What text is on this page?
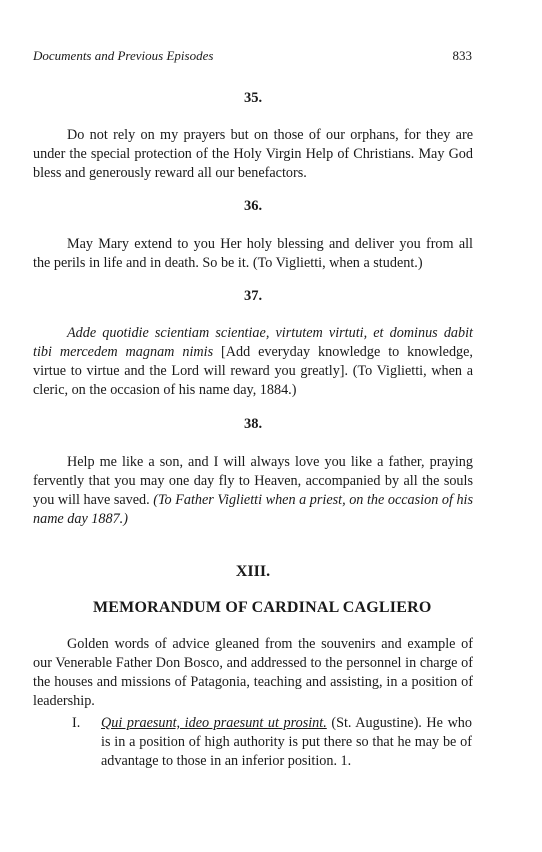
Documents and Previous Episodes	833
35.

Do not rely on my prayers but on those of our orphans, for they are under the special protection of the Holy Virgin Help of Christians. May God bless and generously reward all our benefactors.

36.

May Mary extend to you Her holy blessing and deliver you from all the perils in life and in death. So be it. (To Viglietti, when a student.)

37.

Adde quotidie scientiam scientiae, virtutem virtuti, et dominus dabit tibi mercedem magnam nimis [Add everyday knowledge to knowledge, virtue to virtue and the Lord will reward you greatly]. (To Viglietti, when a cleric, on the occasion of his name day, 1884.)

38.

Help me like a son, and I will always love you like a father, praying fervently that you may one day fly to Heaven, accompanied by all the souls you will have saved. (To Father Viglietti when a priest, on the occasion of his name day 1887.)

XIII.
MEMORANDUM OF CARDINAL CAGLIERO

Golden words of advice gleaned from the souvenirs and example of our Venerable Father Don Bosco, and addressed to the personnel in charge of the houses and missions of Patagonia, teaching and assisting, in a position of leadership.

I. Qui praesunt, ideo praesunt ut prosint. (St. Augustine). He who is in a position of high authority is put there so that he may be of advantage to those in an inferior position. 1.
